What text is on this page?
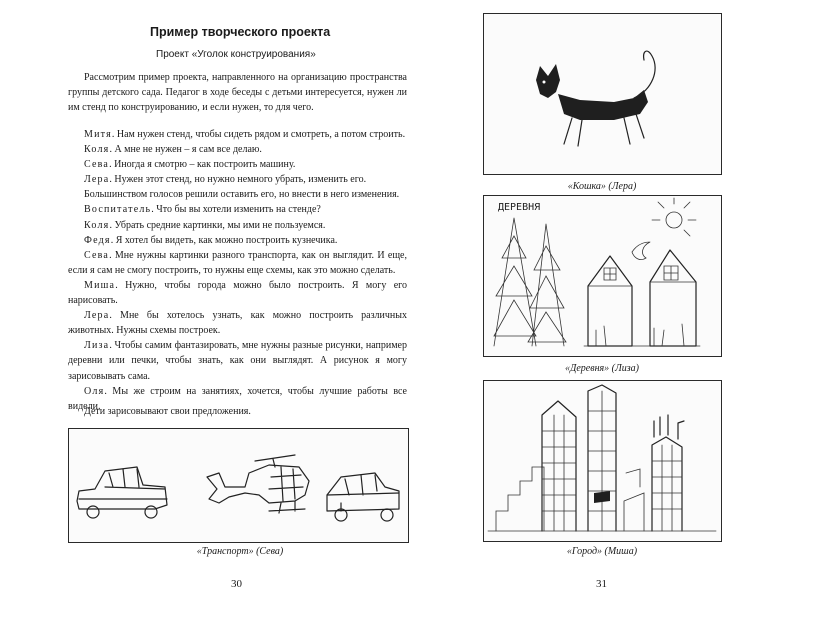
Пример творческого проекта
Проект «Уголок конструирования»
Рассмотрим пример проекта, направленного на организацию пространства группы детского сада. Педагог в ходе беседы с детьми интересуется, нужен ли им стенд по конструированию, и если нужен, то для чего.

Митя. Нам нужен стенд, чтобы сидеть рядом и смотреть, а потом строить.

Коля. А мне не нужен – я сам все делаю.

Сева. Иногда я смотрю – как построить машину.

Лера. Нужен этот стенд, но нужно немного убрать, изменить его.

Большинством голосов решили оставить его, но внести в него изменения.

Воспитатель. Что бы вы хотели изменить на стенде?

Коля. Убрать средние картинки, мы ими не пользуемся.

Федя. Я хотел бы видеть, как можно построить кузнечика.

Сева. Мне нужны картинки разного транспорта, как он выглядит. И еще, если я сам не смогу построить, то нужны еще схемы, как это можно сделать.

Миша. Нужно, чтобы города можно было построить. Я могу его нарисовать.

Лера. Мне бы хотелось узнать, как можно построить различных животных. Нужны схемы построек.

Лиза. Чтобы самим фантазировать, мне нужны разные рисунки, например деревни или печки, чтобы знать, как они выглядят. А рисунок я могу зарисовывать сама.

Оля. Мы же строим на занятиях, хочется, чтобы лучшие работы все видели.

Дети зарисовывают свои предложения.
«Транспорт» (Сева)
30
«Кошка» (Лера)
ДЕРЕВНЯ
«Деревня» (Лиза)
«Город» (Миша)
31
